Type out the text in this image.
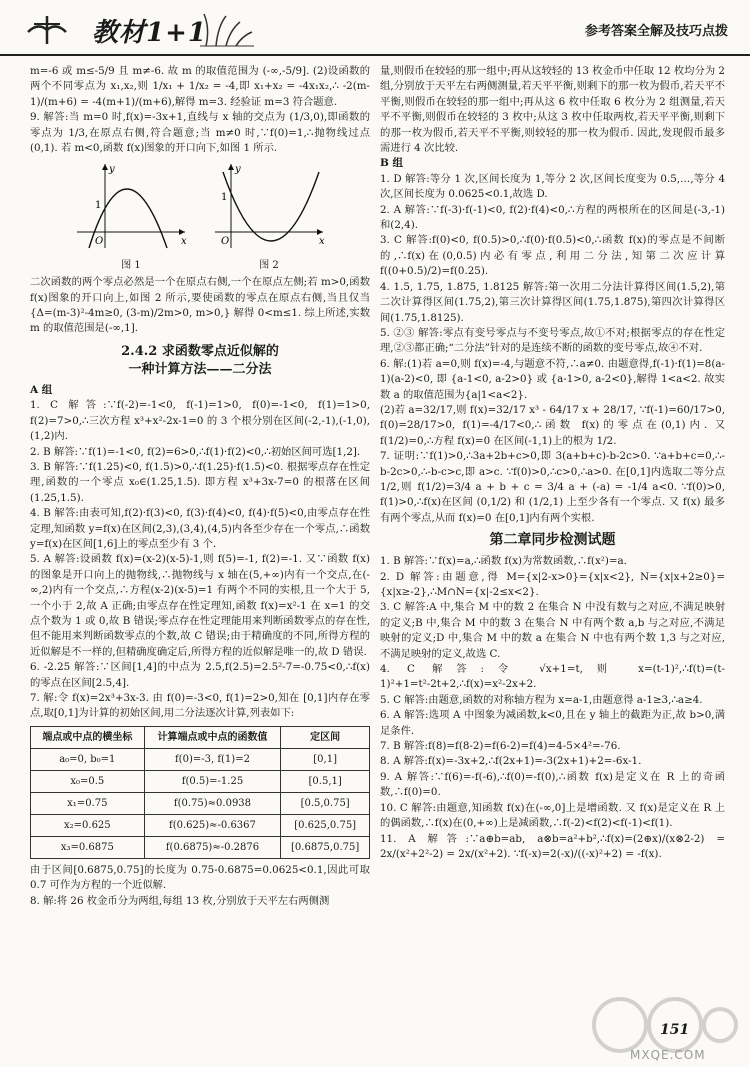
教材1+1	参考答案全解及技巧点拨

m=-6 或 m≤-5/9 且 m≠-6. 故 m 的取值范围为 (-∞,-5/9]. (2)设函数的两个不同零点为 x₁,x₂,则 1/x₁ + 1/x₂ = -4,即 x₁+x₂ = -4x₁x₂,∴ -2(m-1)/(m+6) = -4(m+1)/(m+6),解得 m=3. 经验证 m=3 符合题意.

9. 解答:当 m=0 时,f(x)=-3x+1,直线与 x 轴的交点为 (1/3,0),即函数的零点为 1/3,在原点右侧,符合题意;当 m≠0 时,∵f(0)=1,∴抛物线过点(0,1). 若 m<0,函数 f(x)图象的开口向下,如图 1 所示.

x
y
O
1
图 1
x
y
O
1
图 2

二次函数的两个零点必然是一个在原点右侧,一个在原点左侧;若 m>0,函数 f(x)图象的开口向上,如图 2 所示,要使函数的零点在原点右侧,当且仅当 {Δ=(m-3)²-4m≥0, (3-m)/2m>0, m>0,} 解得 0<m≤1. 综上所述,实数 m 的取值范围是(-∞,1].

2.4.2 求函数零点近似解的
一种计算方法——二分法
A 组

1. C 解答:∵f(-2)=-1<0, f(-1)=1>0, f(0)=-1<0, f(1)=1>0, f(2)=7>0,∴三次方程 x³+x²-2x-1=0 的 3 个根分别在区间(-2,-1),(-1,0),(1,2)内.

2. B 解答:∵f(1)=-1<0, f(2)=6>0,∴f(1)·f(2)<0,∴初始区间可选[1,2].

3. B 解答:∵f(1.25)<0, f(1.5)>0,∴f(1.25)·f(1.5)<0. 根据零点存在性定理,函数的一个零点 x₀∈(1.25,1.5). 即方程 x³+3x-7=0 的根落在区间(1.25,1.5).

4. B 解答:由表可知,f(2)·f(3)<0, f(3)·f(4)<0, f(4)·f(5)<0,由零点存在性定理,知函数 y=f(x)在区间(2,3),(3,4),(4,5)内各至少存在一个零点,∴函数 y=f(x)在区间[1,6]上的零点至少有 3 个.

5. A 解答:设函数 f(x)=(x-2)(x-5)-1,则 f(5)=-1, f(2)=-1. 又∵函数 f(x)的图象是开口向上的抛物线,∴抛物线与 x 轴在(5,+∞)内有一个交点,在(-∞,2)内有一个交点,∴方程(x-2)(x-5)=1 有两个不同的实根,且一个大于 5,一个小于 2,故 A 正确;由零点存在性定理知,函数 f(x)=x²-1 在 x=1 的交点个数为 1 或 0,故 B 错误;零点存在性定理能用来判断函数零点的存在性,但不能用来判断函数零点的个数,故 C 错误;由于精确度的不同,所得方程的近似解是不一样的,但精确度确定后,所得方程的近似解是唯一的,故 D 错误.

6. -2.25 解答:∵区间[1,4]的中点为 2.5,f(2.5)=2.5²-7=-0.75<0,∴f(x)的零点在区间[2.5,4].

7. 解:令 f(x)=2x³+3x-3. 由 f(0)=-3<0, f(1)=2>0,知在 [0,1]内存在零点,取[0,1]为计算的初始区间,用二分法逐次计算,列表如下:

端点或中点的横坐标	计算端点或中点的函数值	定区间
a₀=0, b₀=1	f(0)=-3, f(1)=2	[0,1]
x₀=0.5	f(0.5)=-1.25	[0.5,1]
x₁=0.75	f(0.75)≈0.0938	[0.5,0.75]
x₂=0.625	f(0.625)≈-0.6367	[0.625,0.75]
x₃=0.6875	f(0.6875)≈-0.2876	[0.6875,0.75]

由于区间[0.6875,0.75]的长度为 0.75-0.6875=0.0625<0.1,因此可取 0.7 可作为方程的一个近似解.

8. 解:将 26 枚金币分为两组,每组 13 枚,分别放于天平左右两侧测

量,则假币在较轻的那一组中;再从这较轻的 13 枚金币中任取 12 枚均分为 2 组,分别放于天平左右两侧测量,若天平平衡,则剩下的那一枚为假币,若天平不平衡,则假币在较轻的那一组中;再从这 6 枚中任取 6 枚分为 2 组测量,若天平不平衡,则假币在较轻的 3 枚中;从这 3 枚中任取两枚,若天平平衡,则剩下的那一枚为假币,若天平不平衡,则较轻的那一枚为假币. 因此,发现假币最多需进行 4 次比较.

B 组

1. D 解答:等分 1 次,区间长度为 1,等分 2 次,区间长度变为 0.5,…,等分 4 次,区间长度为 0.0625<0.1,故选 D.

2. A 解答:∵f(-3)·f(-1)<0, f(2)·f(4)<0,∴方程的两根所在的区间是(-3,-1)和(2,4).

3. C 解答:f(0)<0, f(0.5)>0,∴f(0)·f(0.5)<0,∴函数 f(x)的零点是不间断的,∴f(x)在(0,0.5)内必有零点,利用二分法,知第二次应计算 f((0+0.5)/2)=f(0.25).

4. 1.5, 1.75, 1.875, 1.8125 解答:第一次用二分法计算得区间(1.5,2),第二次计算得区间(1.75,2),第三次计算得区间(1.75,1.875),第四次计算得区间(1.75,1.8125).

5. ②③ 解答:零点有变号零点与不变号零点,故①不对;根据零点的存在性定理,②③都正确;“二分法”针对的是连续不断的函数的变号零点,故④不对.

6. 解:(1)若 a=0,则 f(x)=-4,与题意不符,∴a≠0. 由题意得,f(-1)·f(1)=8(a-1)(a-2)<0, 即 {a-1<0, a-2>0} 或 {a-1>0, a-2<0},解得 1<a<2. 故实数 a 的取值范围为{a|1<a<2}.

(2)若 a=32/17,则 f(x)=32/17 x³ - 64/17 x + 28/17, ∵f(-1)=60/17>0, f(0)=28/17>0, f(1)=-4/17<0,∴函数 f(x)的零点在(0,1)内. 又 f(1/2)=0,∴方程 f(x)=0 在区间(-1,1)上的根为 1/2.

7. 证明:∵f(1)>0,∴3a+2b+c>0,即 3(a+b+c)-b-2c>0. ∵a+b+c=0,∴-b-2c>0,∴-b-c>c,即 a>c. ∵f(0)>0,∴c>0,∴a>0. 在[0,1]内选取二等分点 1/2,则 f(1/2)=3/4 a + b + c = 3/4 a + (-a) = -1/4 a<0. ∵f(0)>0, f(1)>0,∴f(x)在区间 (0,1/2) 和 (1/2,1) 上至少各有一个零点. 又 f(x) 最多有两个零点,从而 f(x)=0 在[0,1]内有两个实根.

第二章同步检测试题

1. B 解答:∵f(x)=a,∴函数 f(x)为常数函数,∴f(x²)=a.

2. D 解答:由题意,得 M={x|2-x>0}={x|x<2}, N={x|x+2≥0}={x|x≥-2},∴M∩N={x|-2≤x<2}.

3. C 解答:A 中,集合 M 中的数 2 在集合 N 中没有数与之对应,不满足映射的定义;B 中,集合 M 中的数 3 在集合 N 中有两个数 a,b 与之对应,不满足映射的定义;D 中,集合 M 中的数 a 在集合 N 中也有两个数 1,3 与之对应,不满足映射的定义,故选 C.

4. C 解答:令 √x+1=t,则 x=(t-1)²,∴f(t)=(t-1)²+1=t²-2t+2,∴f(x)=x²-2x+2.

5. C 解答:由题意,函数的对称轴方程为 x=a-1,由题意得 a-1≥3,∴a≥4.

6. A 解答:选项 A 中图象为减函数,k<0,且在 y 轴上的截距为正,故 b>0,满足条件.

7. B 解答:f(8)=f(8-2)=f(6-2)=f(4)=4-5×4²=-76.

8. A 解答:f(x)=-3x+2,∴f(2x+1)=-3(2x+1)+2=-6x-1.

9. A 解答:∵f(6)=-f(-6),∴f(0)=-f(0),∴函数 f(x)是定义在 R 上的奇函数,∴f(0)=0.

10. C 解答:由题意,知函数 f(x)在(-∞,0]上是增函数. 又 f(x)是定义在 R 上的偶函数,∴f(x)在(0,+∞)上是减函数,∴f(-2)<f(2)<f(-1)<f(1).

11. A 解答:∵a⊕b=ab, a⊗b=a²+b²,∴f(x)=(2⊕x)/(x⊗2-2) = 2x/(x²+2²-2) = 2x/(x²+2). ∵f(-x)=2(-x)/((-x)²+2) = -f(x).

151
MXQE.COM
